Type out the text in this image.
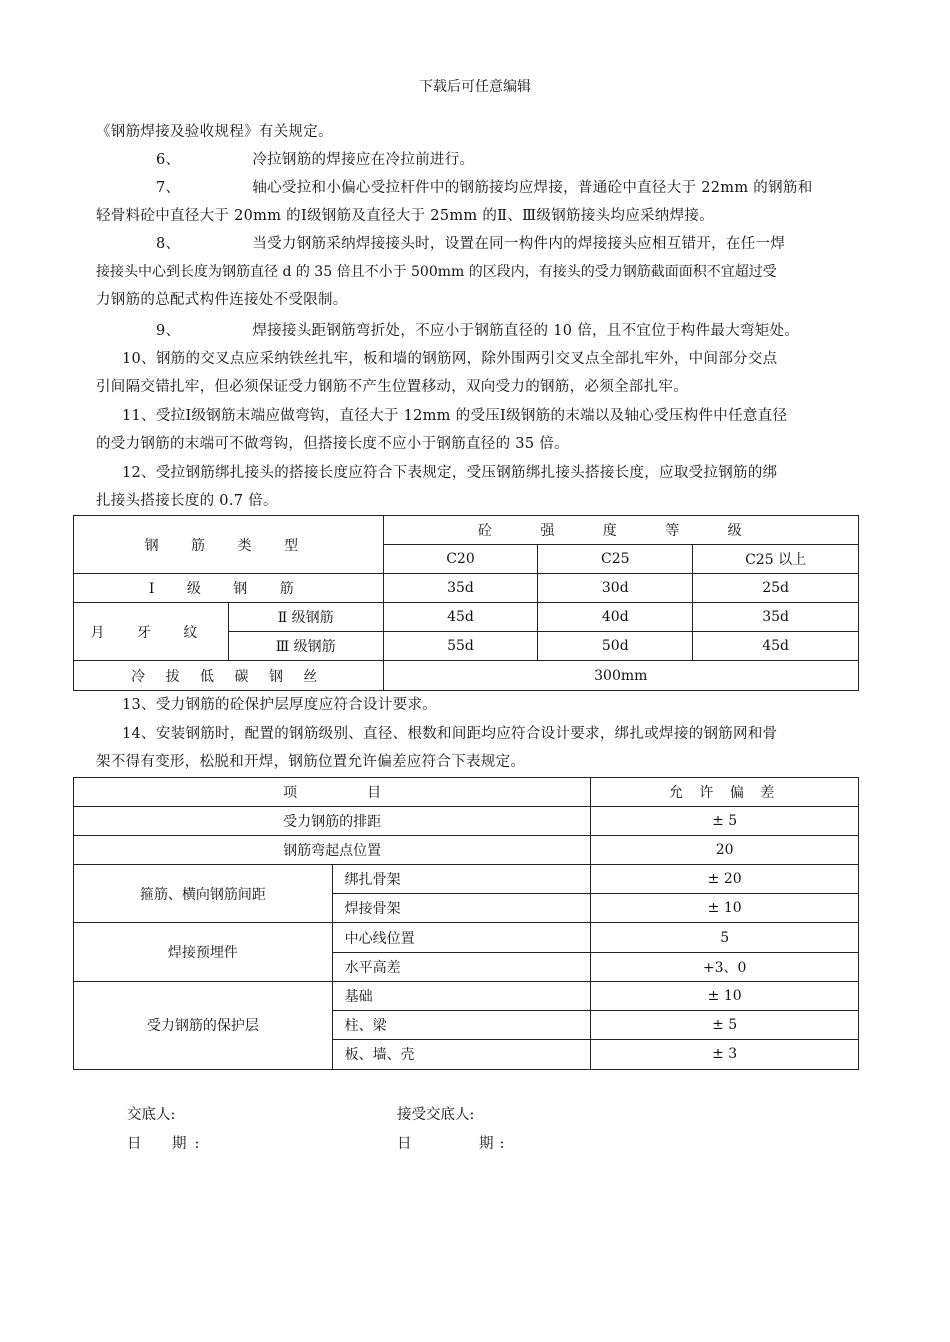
下载后可任意编辑
《钢筋焊接及验收规程》有关规定。
6、	冷拉钢筋的焊接应在冷拉前进行。
7、	轴心受拉和小偏心受拉杆件中的钢筋接均应焊接，普通砼中直径大于 22mm 的钢筋和
轻骨料砼中直径大于 20mm 的Ⅰ级钢筋及直径大于 25mm 的Ⅱ、Ⅲ级钢筋接头均应采纳焊接。
8、	当受力钢筋采纳焊接接头时，设置在同一构件内的焊接接头应相互错开，在任一焊
接接头中心到长度为钢筋直径 d 的 35 倍且不小于 500mm 的区段内，有接头的受力钢筋截面面积不宜超过受
力钢筋的总配式构件连接处不受限制。
9、	焊接接头距钢筋弯折处，不应小于钢筋直径的 10 倍，且不宜位于构件最大弯矩处。
10、钢筋的交叉点应采纳铁丝扎牢，板和墙的钢筋网，除外围两引交叉点全部扎牢外，中间部分交点
引间隔交错扎牢，但必须保证受力钢筋不产生位置移动，双向受力的钢筋，必须全部扎牢。
11、受拉Ⅰ级钢筋末端应做弯钩，直径大于 12mm 的受压Ⅰ级钢筋的末端以及轴心受压构件中任意直径
的受力钢筋的末端可不做弯钩，但搭接长度不应小于钢筋直径的 35 倍。
12、受拉钢筋绑扎接头的搭接长度应符合下表规定，受压钢筋绑扎接头搭接长度，应取受拉钢筋的绑
扎接头搭接长度的 0.7 倍。
钢 筋 类 型		砼 强 度 等 级		
		C20	C25	C25 以上
Ⅰ 级 钢 筋		35d	30d	25d
月 牙 纹	Ⅱ 级钢筋	45d	40d	35d
	Ⅲ 级钢筋	55d	50d	45d
冷 拔 低 碳 钢 丝		300mm		
13、受力钢筋的砼保护层厚度应符合设计要求。
14、安装钢筋时，配置的钢筋级别、直径、根数和间距均应符合设计要求，绑扎或焊接的钢筋网和骨
架不得有变形，松脱和开焊，钢筋位置允许偏差应符合下表规定。
项　　　　　目		允 许 偏 差
受力钢筋的排距		± 5
钢筋弯起点位置		20
箍筋、横向钢筋间距	绑扎骨架	± 20
	焊接骨架	± 10
焊接预埋件	中心线位置	5
	水平高差	+3、0
受力钢筋的保护层	基础	± 10
	柱、梁	± 5
	板、墙、壳	± 3
交底人:	接受交底人:
日　期:	日　　　期:
